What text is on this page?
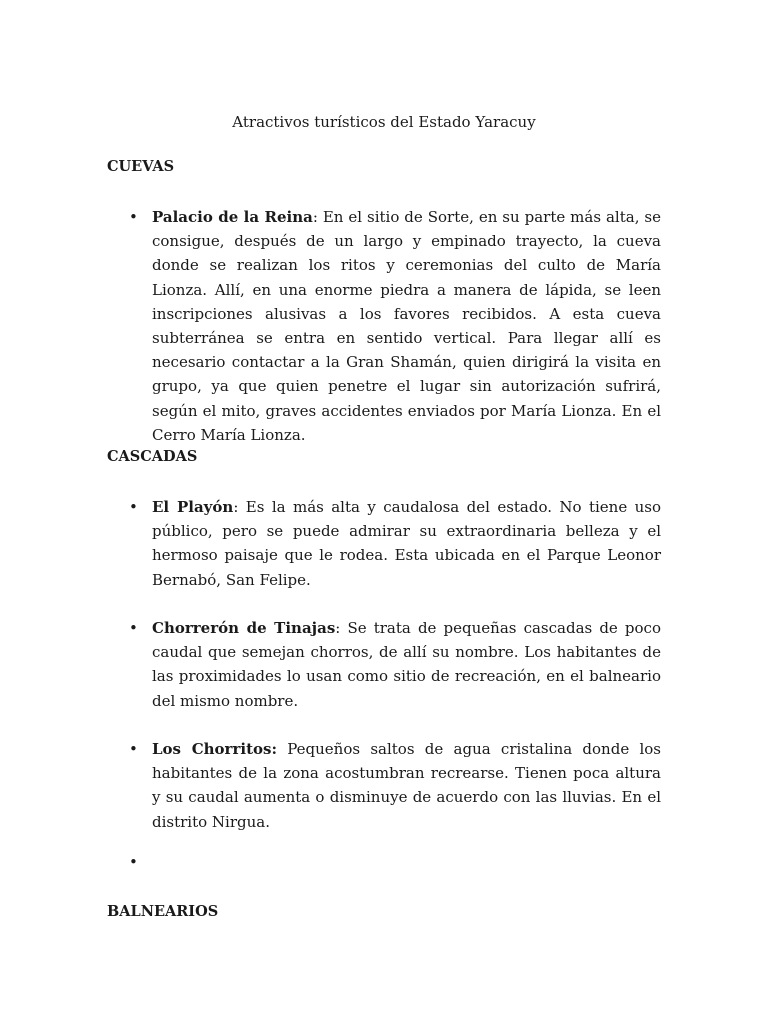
Atractivos turísticos del Estado Yaracuy
CUEVAS
• Palacio de la Reina: En el sitio de Sorte, en su parte más alta, se consigue, después de un largo y empinado trayecto, la cueva donde se realizan los ritos y ceremonias del culto de María Lionza. Allí, en una enorme piedra a manera de lápida, se leen inscripciones alusivas a los favores recibidos. A esta cueva subterránea se entra en sentido vertical. Para llegar allí es necesario contactar a la Gran Shamán, quien dirigirá la visita en grupo, ya que quien penetre el lugar sin autorización sufrirá, según el mito, graves accidentes enviados por María Lionza. En el Cerro María Lionza.
CASCADAS
• El Playón: Es la más alta y caudalosa del estado. No tiene uso público, pero se puede admirar su extraordinaria belleza y el hermoso paisaje que le rodea. Esta ubicada en el Parque Leonor Bernabó, San Felipe.
• Chorrerón de Tinajas: Se trata de pequeñas cascadas de poco caudal que semejan chorros, de allí su nombre. Los habitantes de las proximidades lo usan como sitio de recreación, en el balneario del mismo nombre.
• Los Chorritos: Pequeños saltos de agua cristalina donde los habitantes de la zona acostumbran recrearse. Tienen poca altura y su caudal aumenta o disminuye de acuerdo con las lluvias. En el distrito Nirgua.
•
BALNEARIOS
